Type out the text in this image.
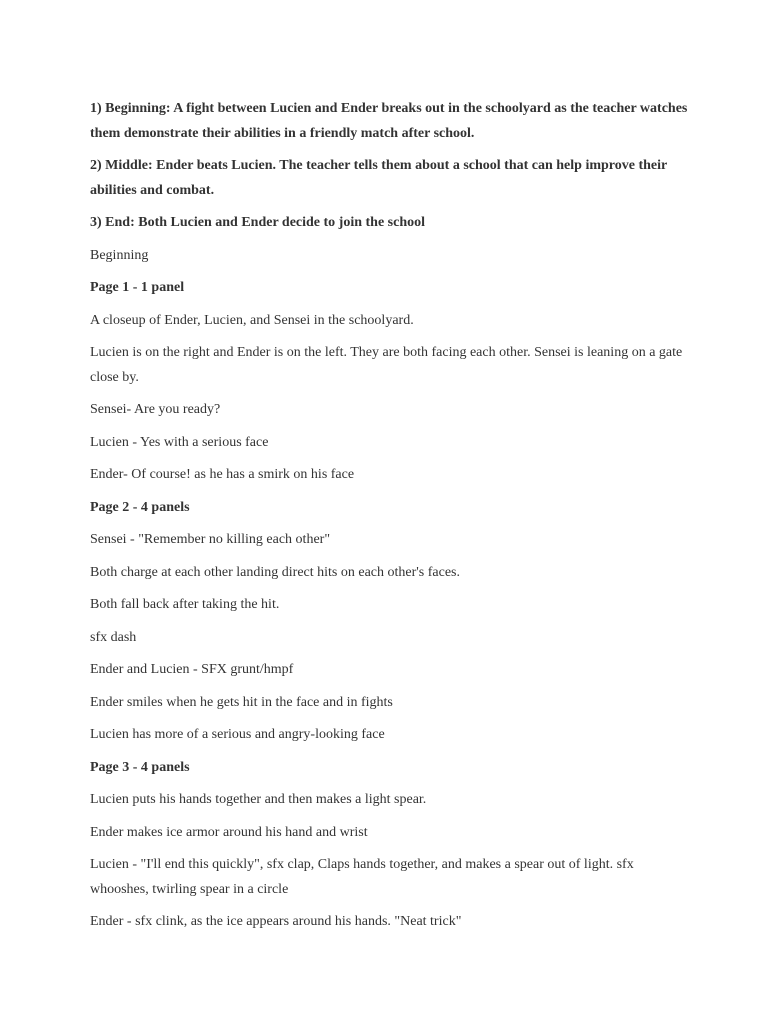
1) Beginning: A fight between Lucien and Ender breaks out in the schoolyard as the teacher watches them demonstrate their abilities in a friendly match after school.

2) Middle: Ender beats Lucien. The teacher tells them about a school that can help improve their abilities and combat.

3) End: Both Lucien and Ender decide to join the school

Beginning

Page 1 - 1 panel

A closeup of Ender, Lucien, and Sensei in the schoolyard.

Lucien is on the right and Ender is on the left. They are both facing each other. Sensei is leaning on a gate close by.

Sensei- Are you ready?

Lucien - Yes with a serious face

Ender- Of course! as he has a smirk on his face

Page 2 - 4 panels

Sensei - "Remember no killing each other"

Both charge at each other landing direct hits on each other's faces.

Both fall back after taking the hit.

sfx dash

Ender and Lucien - SFX grunt/hmpf

Ender smiles when he gets hit in the face and in fights

Lucien has more of a serious and angry-looking face

Page 3 - 4 panels

Lucien puts his hands together and then makes a light spear.

Ender makes ice armor around his hand and wrist

Lucien - "I'll end this quickly", sfx clap, Claps hands together, and makes a spear out of light. sfx whooshes, twirling spear in a circle

Ender - sfx clink, as the ice appears around his hands. "Neat trick"
